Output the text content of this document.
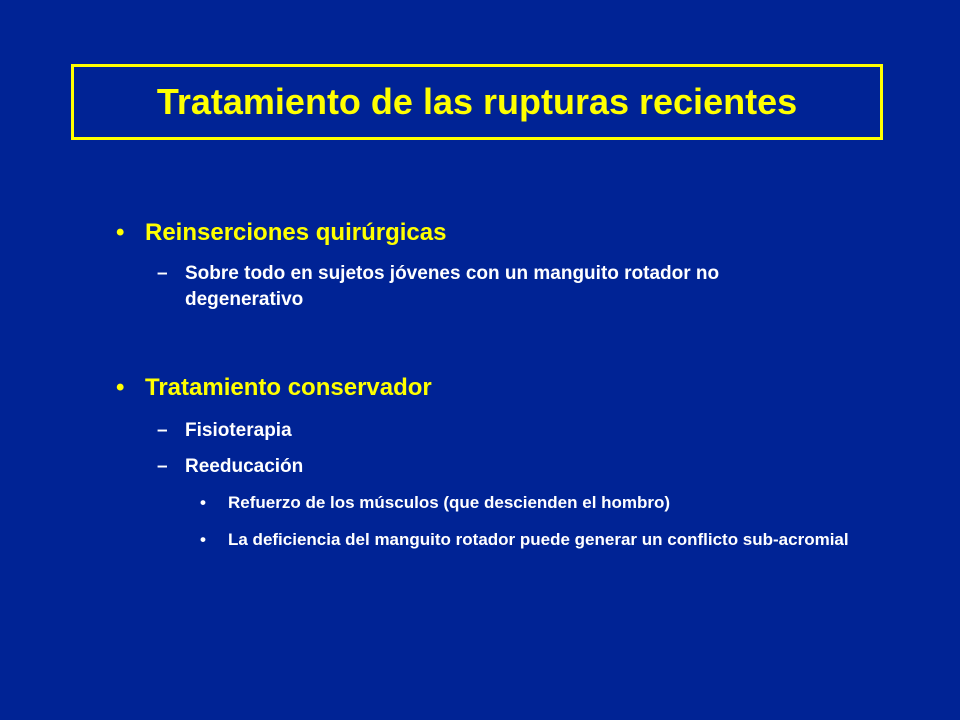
Tratamiento de las rupturas recientes
• Reinserciones quirúrgicas
– Sobre todo en sujetos jóvenes con un manguito rotador no degenerativo
• Tratamiento conservador
– Fisioterapia
– Reeducación
• Refuerzo de los músculos (que descienden el hombro)
• La deficiencia del manguito rotador puede generar un conflicto sub-acromial
